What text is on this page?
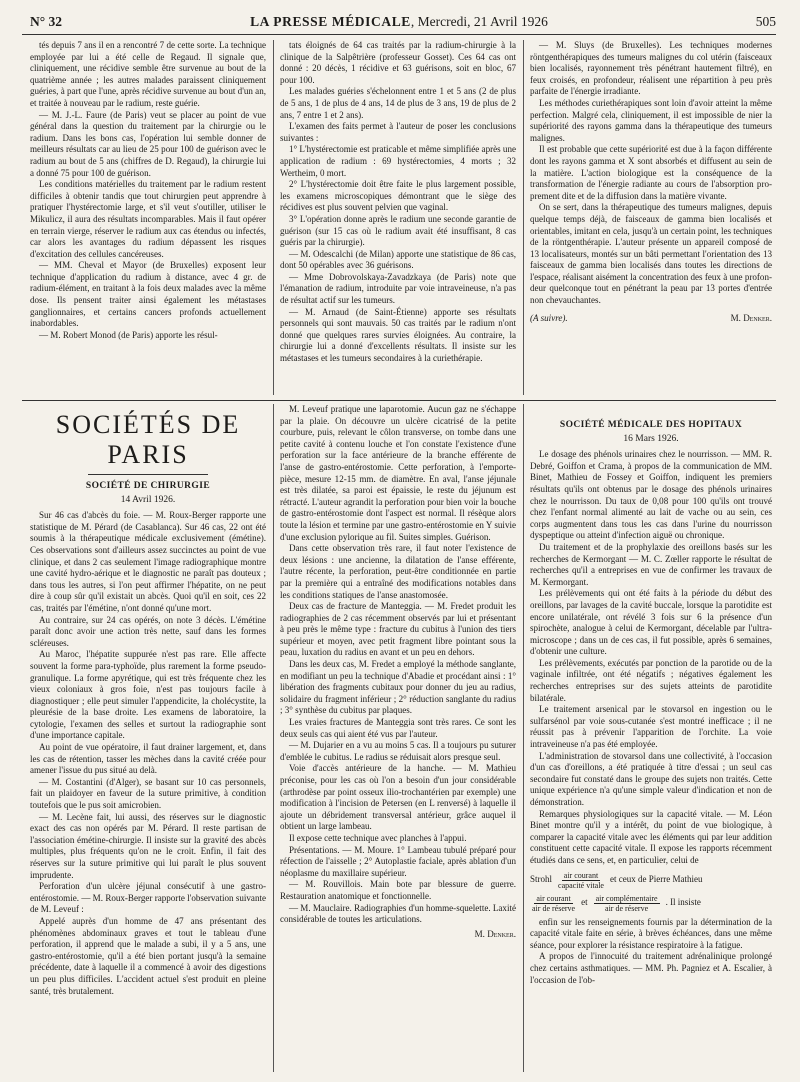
N° 32	LA PRESSE MÉDICALE, Mercredi, 21 Avril 1926	505

tés depuis 7 ans il en a rencontré 7 de cette sorte. La technique employée par lui a été celle de Regaud. Il signale que, cliniquement, une récidive semble être survenue au bout de la quatrième année ; les autres malades paraissent cliniquement guéries, à part que l'une, après récidive survenue au bout d'un an, et traitée à nouveau par le radium, reste guérie.

— M. J.-L. Faure (de Paris) veut se placer au point de vue général dans la question du traitement par la chirurgie ou le radium. Dans les bons cas, l'opération lui semble donner de meilleurs résultats car au lieu de 25 pour 100 de guérison avec le radium au bout de 5 ans (chiffres de D. Regaud), la chirurgie lui a donné 75 pour 100 de guérison.

Les conditions matérielles du traitement par le radium restent difficiles à obtenir tandis que tout chirurgien peut apprendre à pratiquer l'hystérectomie large, et s'il veut s'outiller, utiliser le Mikulicz, il aura des résultats incomparables. Mais il faut opérer en terrain vierge, réserver le radium aux cas étendus ou infectés, car alors les avantages du radium dépassent les risques d'excitation des cellules cancéreuses.

— MM. Cheval et Mayor (de Bruxelles) exposent leur technique d'application du radium à distance, avec 4 gr. de radium-élément, en traitant à la fois deux malades avec la même dose. Ils pensent traiter ainsi également les métastases ganglionnaires, et certains cancers profonds actuellement inabordables.

— M. Robert Monod (de Paris) apporte les résul-

tats éloignés de 64 cas traités par la radium-chirurgie à la clinique de la Salpêtrière (professeur Gosset). Ces 64 cas ont donné : 20 décès, 1 récidive et 63 guérisons, soit en bloc, 67 pour 100.

Les malades guéries s'échelonnent entre 1 et 5 ans (2 de plus de 5 ans, 1 de plus de 4 ans, 14 de plus de 3 ans, 19 de plus de 2 ans, 7 entre 1 et 2 ans).

L'examen des faits permet à l'auteur de poser les conclusions suivantes :

1° L'hystérectomie est praticable et même simplifiée après une application de radium : 69 hystérectomies, 4 morts ; 32 Wertheim, 0 mort.

2° L'hystérectomie doit être faite le plus largement possible, les examens microscopiques démontrant que le siège des récidives est plus souvent pelvien que vaginal.

3° L'opération donne après le radium une seconde garantie de guérison (sur 15 cas où le radium avait été insuffisant, 8 cas guéris par la chirurgie).

— M. Odescalchi (de Milan) apporte une statistique de 86 cas, dont 50 opérables avec 36 guérisons.

— Mme Dobrovolskaya-Zavadzkaya (de Paris) note que l'émanation de radium, introduite par voie intraveineuse, n'a pas de résultat actif sur les tumeurs.

— M. Arnaud (de Saint-Étienne) apporte ses résultats personnels qui sont mauvais. 50 cas traités par le radium n'ont donné que quelques rares survies éloignées. Au contraire, la chirurgie lui a donné d'excellents résultats. Il insiste sur les métastases et les tumeurs secondaires à la curiethérapie.

— M. Sluys (de Bruxelles). Les techniques modernes röntgenthérapiques des tumeurs malignes du col utérin (faisceaux bien localisés, rayonnement très pénétrant hautement filtré), en feux croisés, en profondeur, réalisent une répartition à peu près parfaite de l'énergie irradiante.

Les méthodes curiethérapiques sont loin d'avoir atteint la même perfection. Malgré cela, cliniquement, il est impossible de nier la supériorité des rayons gamma dans la thérapeutique des tumeurs malignes.

Il est probable que cette supériorité est due à la façon différente dont les rayons gamma et X sont absorbés et diffusent au sein de la matière. L'action biologique est la conséquence de la transformation de l'énergie radiante au cours de l'absorption proprement dite et de la diffusion dans la matière vivante.

On se sert, dans la thérapeutique des tumeurs malignes, depuis quelque temps déjà, de faisceaux de gamma bien localisés et orientables, imitant en cela, jusqu'à un certain point, les techniques de la röntgenthérapie. L'auteur présente un appareil composé de 13 localisateurs, montés sur un bâti permettant l'orientation des 13 faisceaux de gamma bien localisés dans toutes les directions de l'espace, réalisant aisément la concentration des feux à une profondeur quelconque tout en pénétrant la peau par 13 portes d'entrée non chevauchantes.

(A suivre).	M. Denker.
SOCIÉTÉS DE PARIS
SOCIÉTÉ DE CHIRURGIE
14 Avril 1926.

Sur 46 cas d'abcès du foie. — M. Roux-Berger rapporte une statistique de M. Pérard (de Casablanca). Sur 46 cas, 22 ont été soumis à la thérapeutique médicale exclusivement (émétine). Ces observations sont d'ailleurs assez succinctes au point de vue clinique, et dans 2 cas seulement l'image radiographique montre une cavité hydro-aérique et le diagnostic ne paraît pas douteux ; dans tous les autres, si l'on peut affirmer l'hépatite, on ne peut dire à coup sûr qu'il existait un abcès. Quoi qu'il en soit, ces 22 cas, traités par l'émétine, n'ont donné qu'une mort.

Au contraire, sur 24 cas opérés, on note 3 décès. L'émétine paraît donc avoir une action très nette, sauf dans les formes scléreuses.

Au Maroc, l'hépatite suppurée n'est pas rare. Elle affecte souvent la forme para-typhoïde, plus rarement la forme pseudo-granulique. La forme apyrétique, qui est très fréquente chez les vieux coloniaux à gros foie, n'est pas toujours facile à diagnostiquer ; elle peut simuler l'appendicite, la cholécystite, la pleurésie de la base droite. Les examens de laboratoire, la cytologie, l'examen des selles et surtout la radiographie sont d'une importance capitale.

Au point de vue opératoire, il faut drainer largement, et, dans les cas de rétention, tasser les mèches dans la cavité créée pour amener l'issue du pus situé au delà.

— M. Costantini (d'Alger), se basant sur 10 cas personnels, fait un plaidoyer en faveur de la suture primitive, à condition toutefois que le pus soit amicrobien.

— M. Lecène fait, lui aussi, des réserves sur le diagnostic exact des cas non opérés par M. Pérard. Il reste partisan de l'association émétine-chirurgie. Il insiste sur la gravité des abcès multiples, plus fréquents qu'on ne le croit. Enfin, il fait des réserves sur la suture primitive qui lui paraît le plus souvent imprudente.

Perforation d'un ulcère jéjunal consécutif à une gastro-entérostomie. — M. Roux-Berger rapporte l'observation suivante de M. Leveuf :

Appelé auprès d'un homme de 47 ans présentant des phénomènes abdominaux graves et tout le tableau d'une perforation, il apprend que le malade a subi, il y a 5 ans, une gastro-entérostomie, qu'il a été bien portant jusqu'à la semaine précédente, date à laquelle il a commencé à avoir des digestions un peu plus difficiles. L'accident actuel s'est produit en pleine santé, très brutalement.

M. Leveuf pratique une laparotomie. Aucun gaz ne s'échappe par la plaie. On découvre un ulcère cicatrisé de la petite courbure, puis, relevant le côlon transverse, on tombe dans une petite cavité à contenu louche et l'on constate l'existence d'une perforation sur la face antérieure de la branche efférente de l'anse de gastro-entérostomie. Cette perforation, à l'emporte-pièce, mesure 12-15 mm. de diamètre. En aval, l'anse jéjunale est très dilatée, sa paroi est épaissie, le reste du jéjunum est rétracté. L'auteur agrandit la perforation pour bien voir la bouche de gastro-entérostomie dont l'aspect est normal. Il résèque alors toute la lésion et termine par une gastro-entérostomie en Y suivie d'une exclusion pylorique au fil. Suites simples. Guérison.

Dans cette observation très rare, il faut noter l'existence de deux lésions : une ancienne, la dilatation de l'anse efférente, l'autre récente, la perforation, peut-être conditionnée en partie par la première qui a entraîné des modifications notables dans les conditions statiques de l'anse anastomosée.

Deux cas de fracture de Manteggia. — M. Fredet produit les radiographies de 2 cas récemment observés par lui et présentant à peu près le même type : fracture du cubitus à l'union des tiers supérieur et moyen, avec petit fragment libre pointant sous la peau, luxation du radius en avant et un peu en dehors.

Dans les deux cas, M. Fredet a employé la méthode sanglante, en modifiant un peu la technique d'Abadie et procédant ainsi : 1° libération des fragments cubitaux pour donner du jeu au radius, solidaire du fragment inférieur ; 2° réduction sanglante du radius ; 3° synthèse du cubitus par plaques.

Les vraies fractures de Manteggia sont très rares. Ce sont les deux seuls cas qui aient été vus par l'auteur.

— M. Dujarier en a vu au moins 5 cas. Il a toujours pu suturer d'emblée le cubitus. Le radius se réduisait alors presque seul.

Voie d'accès antérieure de la hanche. — M. Mathieu préconise, pour les cas où l'on a besoin d'un jour considérable (arthrodèse par point osseux ilio-trochantérien par exemple) une modification à l'incision de Petersen (en L renversé) à laquelle il ajoute un débridement transversal antérieur, grâce auquel il obtient un large lambeau.

Il expose cette technique avec planches à l'appui.

Présentations. — M. Moure. 1° Lambeau tubulé préparé pour réfection de l'aisselle ; 2° Autoplastie faciale, après ablation d'un néoplasme du maxillaire supérieur.

— M. Rouvillois. Main bote par blessure de guerre. Restauration anatomique et fonctionnelle.

— M. Mauclaire. Radiographies d'un homme-squelette. Laxité considérable de toutes les articulations.

M. Denker.
SOCIÉTÉ MÉDICALE DES HOPITAUX
16 Mars 1926.

Le dosage des phénols urinaires chez le nourrisson. — MM. R. Debré, Goiffon et Crama, à propos de la communication de MM. Binet, Mathieu de Fossey et Goiffon, indiquent les premiers résultats qu'ils ont obtenus par le dosage des phénols urinaires chez le nourrisson. Du taux de 0,08 pour 100 qu'ils ont trouvé chez l'enfant normal alimenté au lait de vache ou au sein, ces corps augmentent dans tous les cas dans l'urine du nourrisson dyspeptique ou atteint d'infection aiguë ou chronique.

Du traitement et de la prophylaxie des oreillons basés sur les recherches de Kermorgant — M. C. Zœller rapporte le résultat de recherches qu'il a entreprises en vue de confirmer les travaux de M. Kermorgant.

Les prélèvements qui ont été faits à la période du début des oreillons, par lavages de la cavité buccale, lorsque la parotidite est encore unilatérale, ont révélé 3 fois sur 6 la présence d'un spirochète, analogue à celui de Kermorgant, décelable par l'ultramicroscope ; dans un de ces cas, il fut possible, après 6 semaines, d'obtenir une culture.

Les prélèvements, exécutés par ponction de la parotide ou de la vaginale infiltrée, ont été négatifs ; négatives également les recherches entreprises sur des sujets atteints de parotidite bilatérale.

Le traitement arsenical par le stovarsol en ingestion ou le sulfarsénol par voie sous-cutanée s'est montré inefficace ; il ne réussit pas à prévenir l'apparition de l'orchite. La voie intraveineuse n'a pas été employée.

L'administration de stovarsol dans une collectivité, à l'occasion d'un cas d'oreillons, a été pratiquée à titre d'essai ; un seul cas secondaire fut constaté dans le groupe des sujets non traités. Cette unique expérience n'a qu'une simple valeur d'indication et non de démonstration.

Remarques physiologiques sur la capacité vitale. — M. Léon Binet montre qu'il y a intérêt, du point de vue biologique, à comparer la capacité vitale avec les éléments qui par leur addition constituent cette capacité vitale. Il expose les rapports récemment étudiés dans ce sens, et, en particulier, celui de

Strohl $\frac{\text{air courant}}{\text{capacité vitale}}$ et ceux de Pierre Mathieu
$\frac{\text{air courant}}{\text{air de réserve}}$ et $\frac{\text{air complémentaire}}{\text{air de réserve}}$ . Il insiste

enfin sur les renseignements fournis par la détermination de la capacité vitale faite en série, à brèves échéances, dans une même séance, pour explorer la résistance respiratoire à la fatigue.

A propos de l'innocuité du traitement adrénalinique prolongé chez certains asthmatiques. — MM. Ph. Pagniez et A. Escalier, à l'occasion de l'ob-
